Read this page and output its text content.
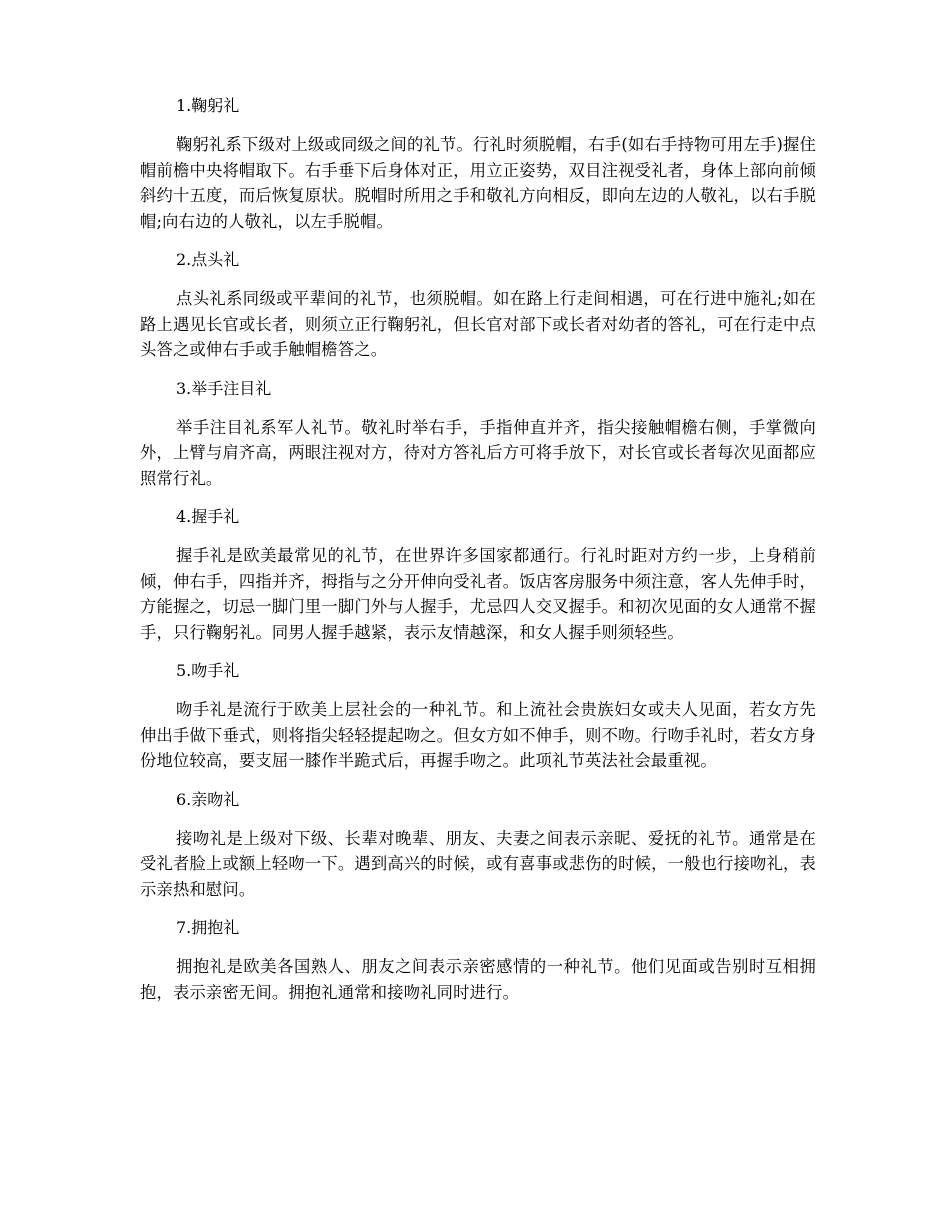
1.鞠躬礼

鞠躬礼系下级对上级或同级之间的礼节。行礼时须脱帽，右手(如右手持物可用左手)握住帽前檐中央将帽取下。右手垂下后身体对正，用立正姿势，双目注视受礼者，身体上部向前倾斜约十五度，而后恢复原状。脱帽时所用之手和敬礼方向相反，即向左边的人敬礼，以右手脱帽;向右边的人敬礼，以左手脱帽。

2.点头礼

点头礼系同级或平辈间的礼节，也须脱帽。如在路上行走间相遇，可在行进中施礼;如在路上遇见长官或长者，则须立正行鞠躬礼，但长官对部下或长者对幼者的答礼，可在行走中点头答之或伸右手或手触帽檐答之。

3.举手注目礼

举手注目礼系军人礼节。敬礼时举右手，手指伸直并齐，指尖接触帽檐右侧，手掌微向外，上臂与肩齐高，两眼注视对方，待对方答礼后方可将手放下，对长官或长者每次见面都应照常行礼。

4.握手礼

握手礼是欧美最常见的礼节，在世界许多国家都通行。行礼时距对方约一步，上身稍前倾，伸右手，四指并齐，拇指与之分开伸向受礼者。饭店客房服务中须注意，客人先伸手时，方能握之，切忌一脚门里一脚门外与人握手，尤忌四人交叉握手。和初次见面的女人通常不握手，只行鞠躬礼。同男人握手越紧，表示友情越深，和女人握手则须轻些。

5.吻手礼

吻手礼是流行于欧美上层社会的一种礼节。和上流社会贵族妇女或夫人见面，若女方先伸出手做下垂式，则将指尖轻轻提起吻之。但女方如不伸手，则不吻。行吻手礼时，若女方身份地位较高，要支屈一膝作半跪式后，再握手吻之。此项礼节英法社会最重视。

6.亲吻礼

接吻礼是上级对下级、长辈对晚辈、朋友、夫妻之间表示亲昵、爱抚的礼节。通常是在受礼者脸上或额上轻吻一下。遇到高兴的时候，或有喜事或悲伤的时候，一般也行接吻礼，表示亲热和慰问。

7.拥抱礼

拥抱礼是欧美各国熟人、朋友之间表示亲密感情的一种礼节。他们见面或告别时互相拥抱，表示亲密无间。拥抱礼通常和接吻礼同时进行。
